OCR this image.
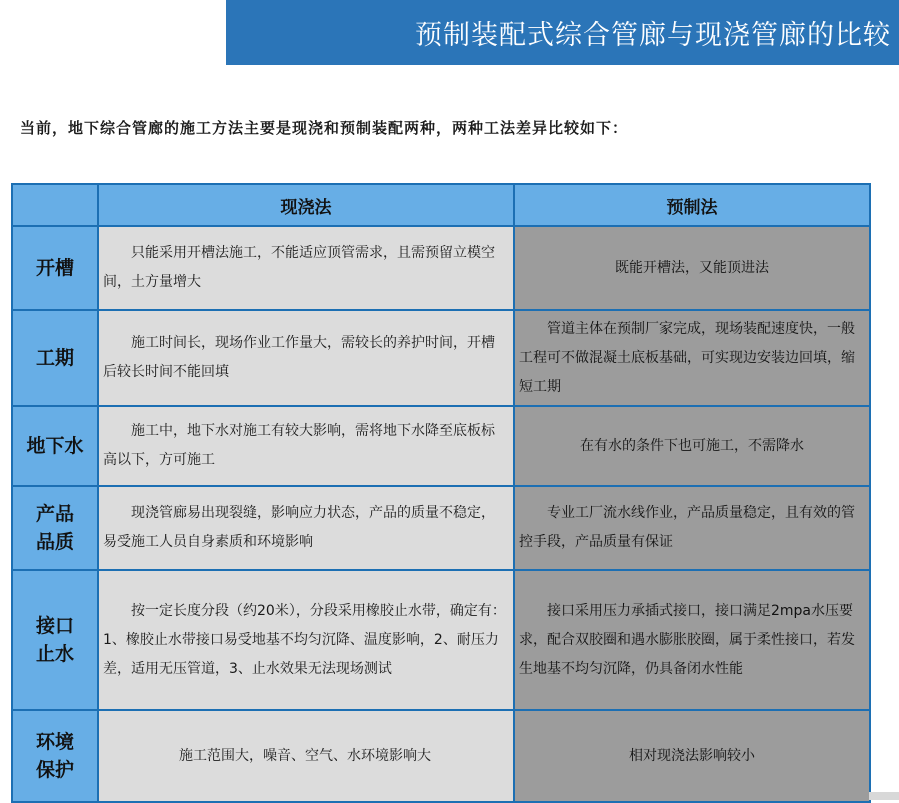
预制装配式综合管廊与现浇管廊的比较
当前，地下综合管廊的施工方法主要是现浇和预制装配两种，两种工法差异比较如下：
	现浇法	预制法
开槽	只能采用开槽法施工，不能适应顶管需求，且需预留立模空间，土方量增大	既能开槽法，又能顶进法

工期	施工时间长，现场作业工作量大，需较长的养护时间，开槽后较长时间不能回填	管道主体在预制厂家完成，现场装配速度快，一般工程可不做混凝土底板基础，可实现边安装边回填，缩短工期

地下水	施工中，地下水对施工有较大影响，需将地下水降至底板标高以下，方可施工	在有水的条件下也可施工，不需降水

产品品质	现浇管廊易出现裂缝，影响应力状态，产品的质量不稳定，易受施工人员自身素质和环境影响	专业工厂流水线作业，产品质量稳定，且有效的管控手段，产品质量有保证

接口止水	按一定长度分段（约20米），分段采用橡胶止水带，确定有：1、橡胶止水带接口易受地基不均匀沉降、温度影响，2、耐压力差，适用无压管道，3、止水效果无法现场测试	接口采用压力承插式接口，接口满足2mpa水压要求，配合双胶圈和遇水膨胀胶圈，属于柔性接口，若发生地基不均匀沉降，仍具备闭水性能

环境保护	施工范围大，噪音、空气、水环境影响大	相对现浇法影响较小
